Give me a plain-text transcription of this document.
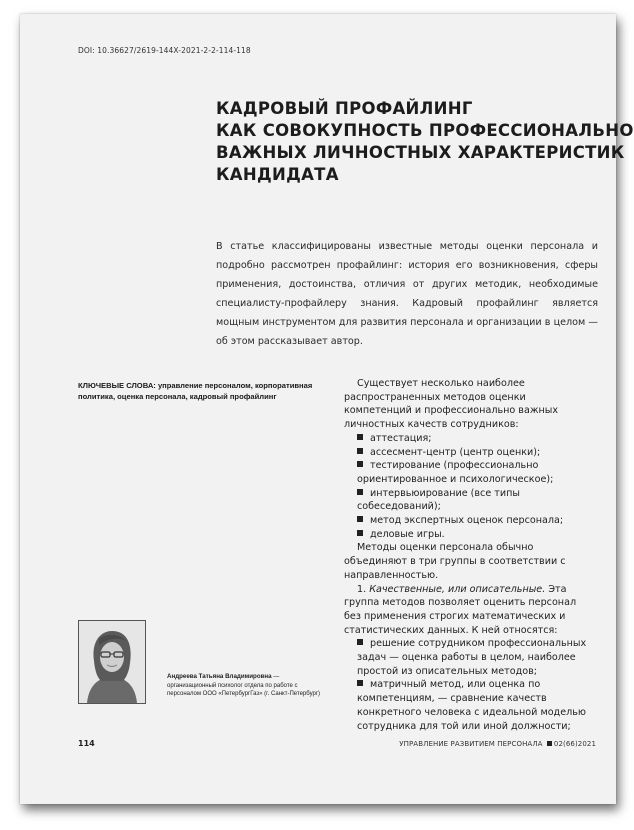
DOI: 10.36627/2619-144X-2021-2-2-114-118
КАДРОВЫЙ ПРОФАЙЛИНГ
КАК СОВОКУПНОСТЬ ПРОФЕССИОНАЛЬНО
ВАЖНЫХ ЛИЧНОСТНЫХ ХАРАКТЕРИСТИК
КАНДИДАТА

В статье классифицированы известные методы оценки персонала и подробно рассмотрен профайлинг: история его возникновения, сферы применения, достоинства, отличия от других методик, необходимые специалисту-профайлеру знания. Кадровый профайлинг является мощным инструментом для развития персонала и организации в целом — об этом рассказывает автор.

КЛЮЧЕВЫЕ СЛОВА: управление персоналом, корпоративная политика, оценка персонала, кадровый профайлинг
Андреева Татьяна Владимировна — организационный психолог отдела по работе с персоналом ООО «ПетербургГаз» (г. Санкт-Петербург)

Существует несколько наиболее распространенных методов оценки компетенций и профессионально важных личностных качеств сотрудников:

аттестация;

ассесмент-центр (центр оценки);

тестирование (профессионально ориентированное и психологическое);

интервьюирование (все типы собеседований);

метод экспертных оценок персонала;

деловые игры.

Методы оценки персонала обычно объединяют в три группы в соответствии с направленностью.

1. Качественные, или описательные. Эта группа методов позволяет оценить персонал без применения строгих математических и статистических данных. К ней относятся:

решение сотрудником профессиональных задач — оценка работы в целом, наиболее простой из описательных методов;

матричный метод, или оценка по компетенциям, — сравнение качеств конкретного человека с идеальной моделью сотрудника для той или иной должности;

114	УПРАВЛЕНИЕ РАЗВИТИЕМ ПЕРСОНАЛА 02(66)2021
